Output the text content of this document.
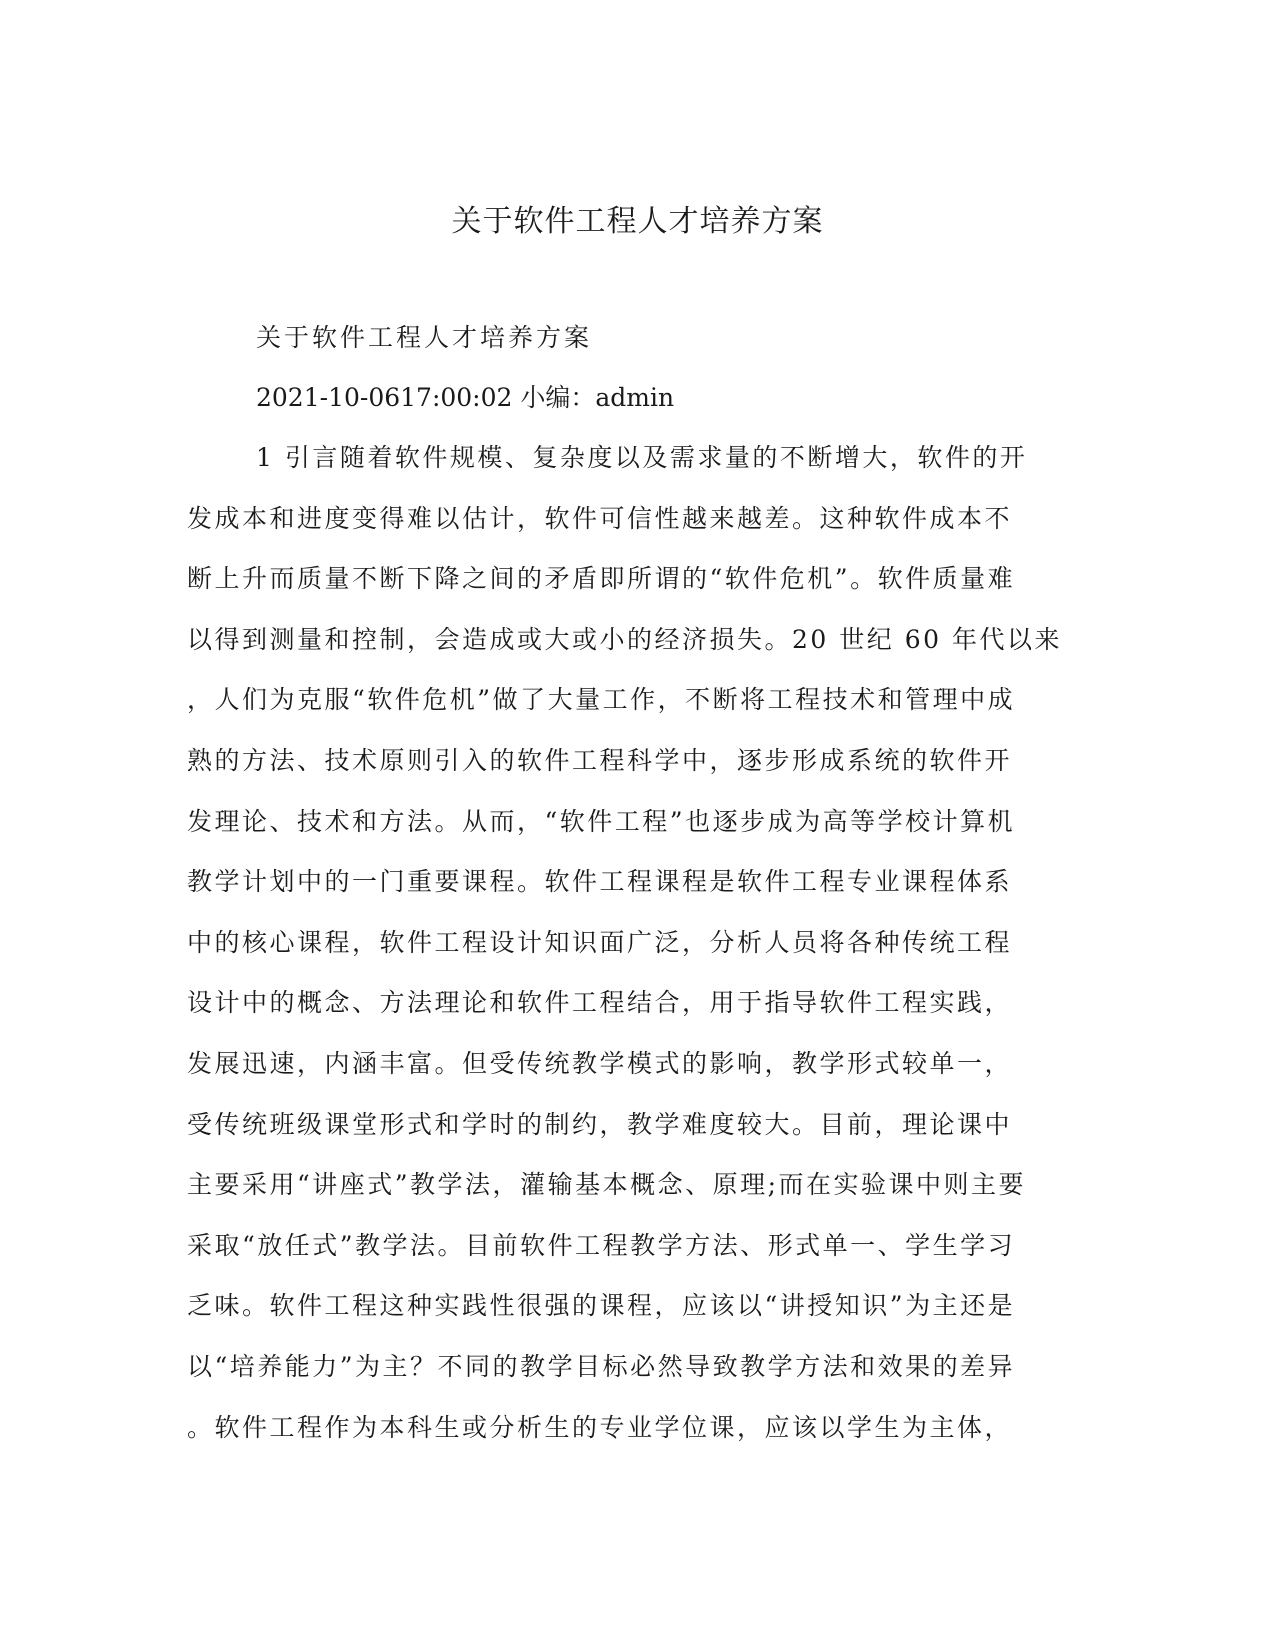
关于软件工程人才培养方案

关于软件工程人才培养方案

2021-10-0617:00:02 小编：admin

1 引言随着软件规模、复杂度以及需求量的不断增大，软件的开
发成本和进度变得难以估计，软件可信性越来越差。这种软件成本不
断上升而质量不断下降之间的矛盾即所谓的“软件危机”。软件质量难
以得到测量和控制，会造成或大或小的经济损失。20 世纪 60 年代以来
，人们为克服“软件危机”做了大量工作，不断将工程技术和管理中成
熟的方法、技术原则引入的软件工程科学中，逐步形成系统的软件开
发理论、技术和方法。从而，“软件工程”也逐步成为高等学校计算机
教学计划中的一门重要课程。软件工程课程是软件工程专业课程体系
中的核心课程，软件工程设计知识面广泛，分析人员将各种传统工程
设计中的概念、方法理论和软件工程结合，用于指导软件工程实践，
发展迅速，内涵丰富。但受传统教学模式的影响，教学形式较单一，
受传统班级课堂形式和学时的制约，教学难度较大。目前，理论课中
主要采用“讲座式”教学法，灌输基本概念、原理;而在实验课中则主要
采取“放任式”教学法。目前软件工程教学方法、形式单一、学生学习
乏味。软件工程这种实践性很强的课程，应该以“讲授知识”为主还是
以“培养能力”为主？不同的教学目标必然导致教学方法和效果的差异
。软件工程作为本科生或分析生的专业学位课，应该以学生为主体，
